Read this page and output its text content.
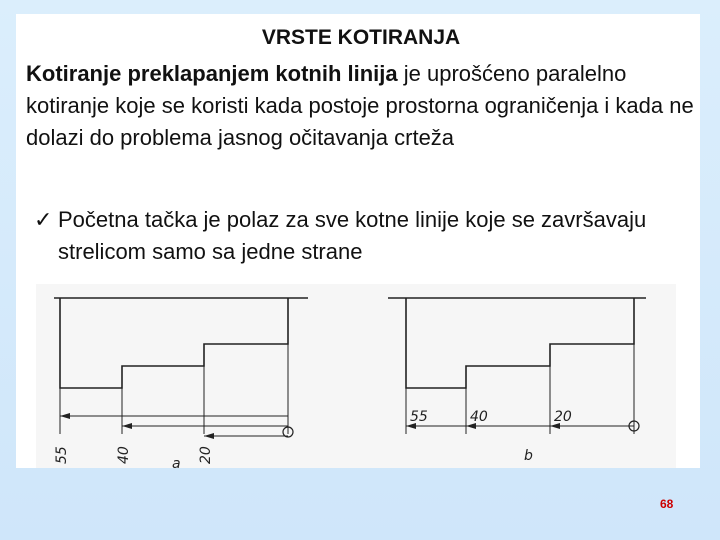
VRSTE KOTIRANJA
Kotiranje preklapanjem kotnih linija je uprošćeno paralelno kotiranje koje se koristi kada postoje prostorna ograničenja i kada ne dolazi do problema jasnog očitavanja crteža
✓ Početna tačka je polaz za sve kotne linije koje se završavaju strelicom samo sa jedne strane
55	40	20
a
55	40	20
b
68
